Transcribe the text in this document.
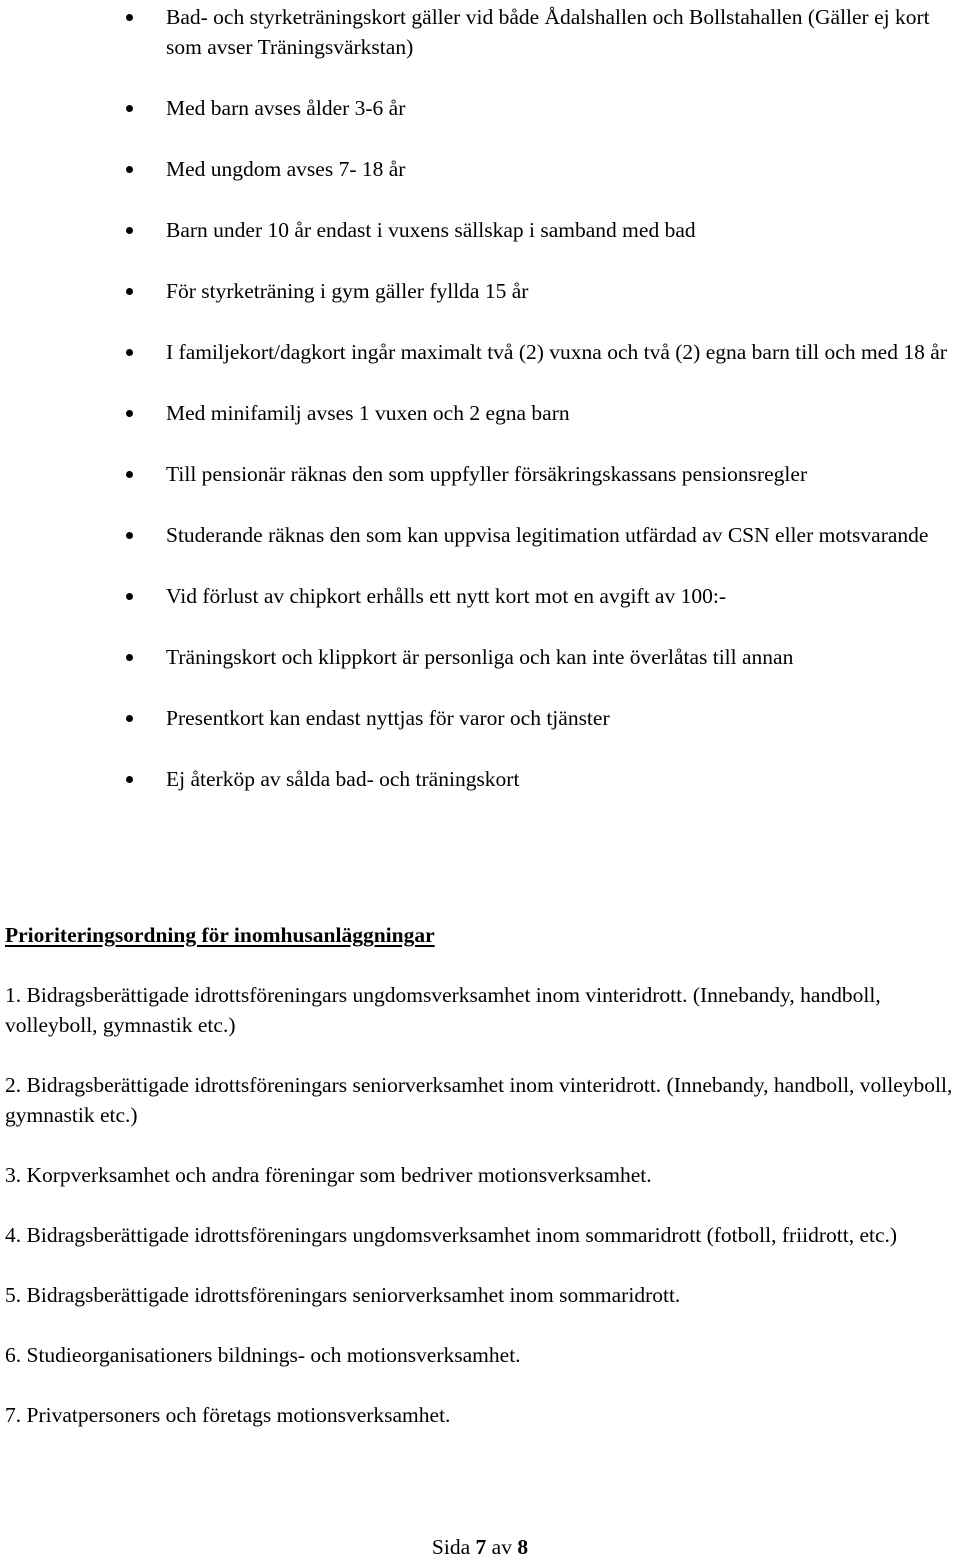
Bad- och styrketräningskort gäller vid både Ådalshallen och Bollstahallen (Gäller ej kort som avser Träningsvärkstan)
Med barn avses ålder 3-6 år
Med ungdom avses 7- 18 år
Barn under 10 år endast i vuxens sällskap i samband med bad
För styrketräning i gym gäller fyllda 15 år
I familjekort/dagkort ingår maximalt två (2) vuxna och två (2) egna barn till och med 18 år
Med minifamilj avses 1 vuxen och 2 egna barn
Till pensionär räknas den som uppfyller försäkringskassans pensionsregler
Studerande räknas den som kan uppvisa legitimation utfärdad av CSN eller motsvarande
Vid förlust av chipkort erhålls ett nytt kort mot en avgift av 100:-
Träningskort och klippkort är personliga och kan inte överlåtas till annan
Presentkort kan endast nyttjas för varor och tjänster
Ej återköp av sålda bad- och träningskort
Prioriteringsordning för inomhusanläggningar
1. Bidragsberättigade idrottsföreningars ungdomsverksamhet inom vinteridrott. (Innebandy, handboll, volleyboll, gymnastik etc.)
2. Bidragsberättigade idrottsföreningars seniorverksamhet inom vinteridrott. (Innebandy, handboll, volleyboll, gymnastik etc.)
3. Korpverksamhet och andra föreningar som bedriver motionsverksamhet.
4. Bidragsberättigade idrottsföreningars ungdomsverksamhet inom sommaridrott (fotboll, friidrott, etc.)
5. Bidragsberättigade idrottsföreningars seniorverksamhet inom sommaridrott.
6. Studieorganisationers bildnings- och motionsverksamhet.
7. Privatpersoners och företags motionsverksamhet.
Sida 7 av 8
